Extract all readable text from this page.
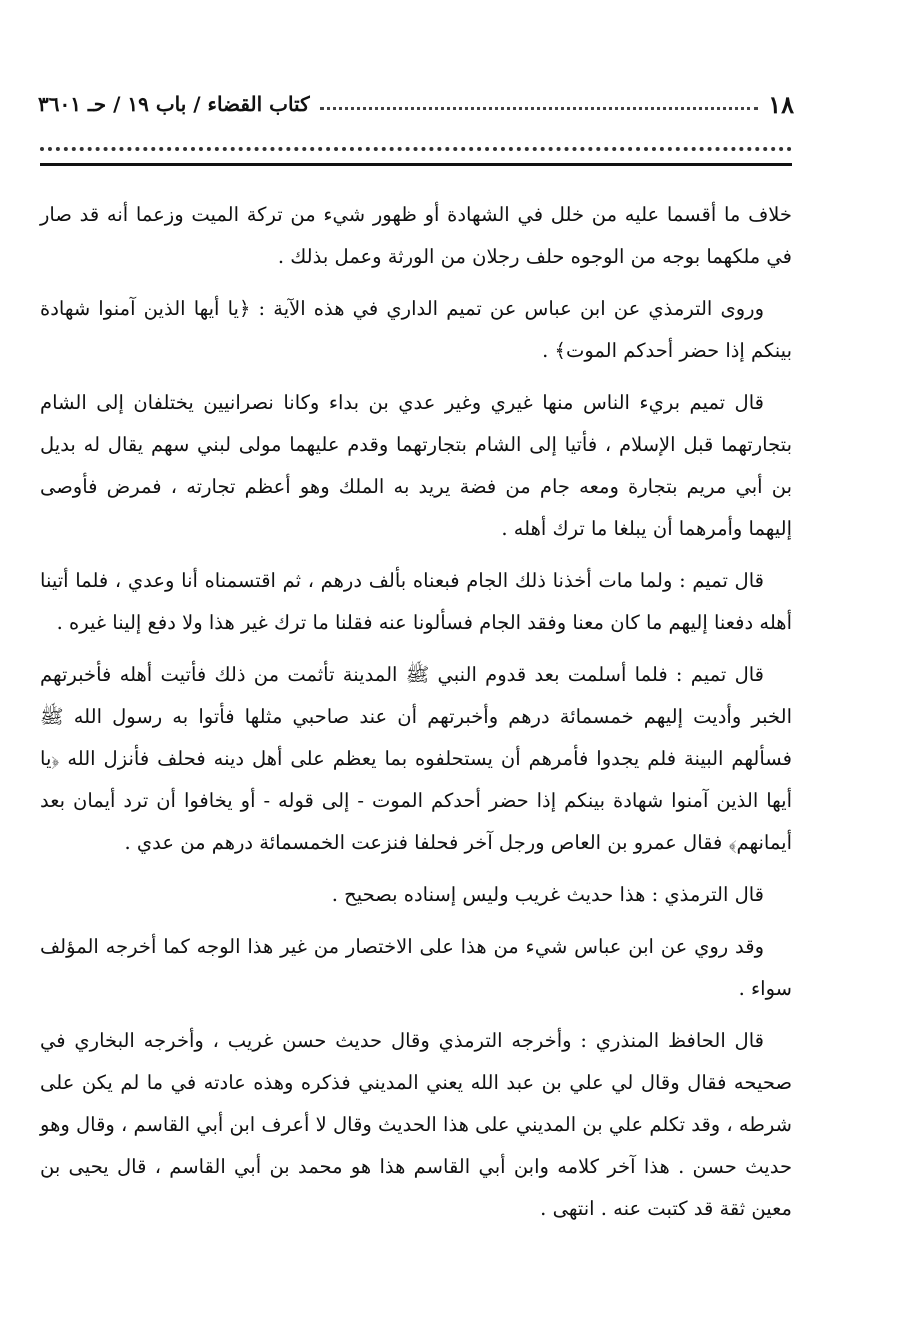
١٨
كتاب القضاء / باب ١٩ / حـ ٣٦٠١

خلاف ما أقسما عليه من خلل في الشهادة أو ظهور شيء من تركة الميت وزعما أنه قد صار في ملكهما بوجه من الوجوه حلف رجلان من الورثة وعمل بذلك .

وروى الترمذي عن ابن عباس عن تميم الداري في هذه الآية : ﴿يا أيها الذين آمنوا شهادة بينكم إذا حضر أحدكم الموت﴾ .

قال تميم بريء الناس منها غيري وغير عدي بن بداء وكانا نصرانيين يختلفان إلى الشام بتجارتهما قبل الإسلام ، فأتيا إلى الشام بتجارتهما وقدم عليهما مولى لبني سهم يقال له بديل بن أبي مريم بتجارة ومعه جام من فضة يريد به الملك وهو أعظم تجارته ، فمرض فأوصى إليهما وأمرهما أن يبلغا ما ترك أهله .

قال تميم : ولما مات أخذنا ذلك الجام فبعناه بألف درهم ، ثم اقتسمناه أنا وعدي ، فلما أتينا أهله دفعنا إليهم ما كان معنا وفقد الجام فسألونا عنه فقلنا ما ترك غير هذا ولا دفع إلينا غيره .

قال تميم : فلما أسلمت بعد قدوم النبي ﷺ المدينة تأثمت من ذلك فأتيت أهله فأخبرتهم الخبر وأديت إليهم خمسمائة درهم وأخبرتهم أن عند صاحبي مثلها فأتوا به رسول الله ﷺ فسألهم البينة فلم يجدوا فأمرهم أن يستحلفوه بما يعظم على أهل دينه فحلف فأنزل الله ﴿يا أيها الذين آمنوا شهادة بينكم إذا حضر أحدكم الموت - إلى قوله - أو يخافوا أن ترد أيمان بعد أيمانهم﴾ فقال عمرو بن العاص ورجل آخر فحلفا فنزعت الخمسمائة درهم من عدي .

قال الترمذي : هذا حديث غريب وليس إسناده بصحيح .

وقد روي عن ابن عباس شيء من هذا على الاختصار من غير هذا الوجه كما أخرجه المؤلف سواء .

قال الحافظ المنذري : وأخرجه الترمذي وقال حديث حسن غريب ، وأخرجه البخاري في صحيحه فقال وقال لي علي بن عبد الله يعني المديني فذكره وهذه عادته في ما لم يكن على شرطه ، وقد تكلم علي بن المديني على هذا الحديث وقال لا أعرف ابن أبي القاسم ، وقال وهو حديث حسن . هذا آخر كلامه وابن أبي القاسم هذا هو محمد بن أبي القاسم ، قال يحيى بن معين ثقة قد كتبت عنه . انتهى .
